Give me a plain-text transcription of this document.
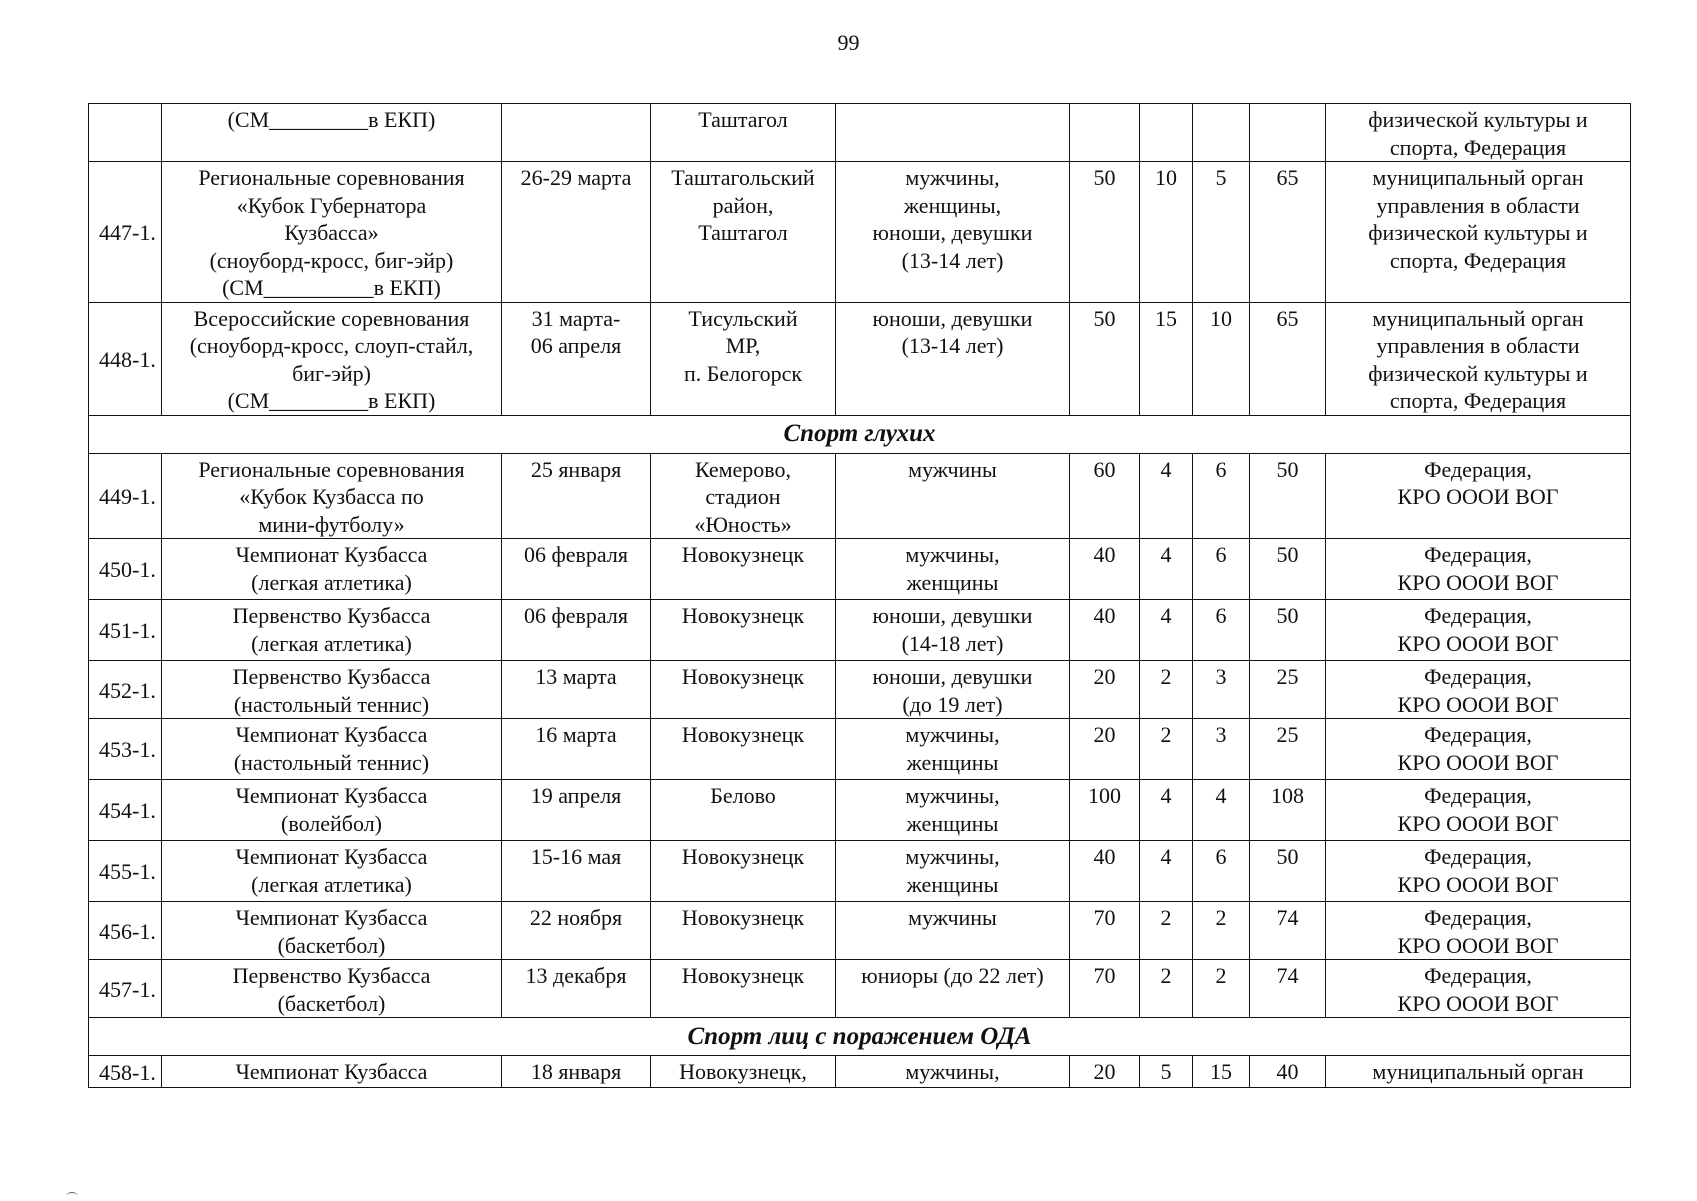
99
	(СМ_________в ЕКП)		Таштагол						физической культуры и
спорта, Федерация
447-1.	Региональные соревнования
«Кубок Губернатора
Кузбасса»
(сноуборд-кросс, биг-эйр)
(СМ__________в ЕКП)	26-29 марта	Таштагольский
район,
Таштагол	мужчины,
женщины,
юноши, девушки
(13-14 лет)	50	10	5	65	муниципальный орган
управления в области
физической культуры и
спорта, Федерация
448-1.	Всероссийские соревнования
(сноуборд-кросс, слоуп-стайл,
биг-эйр)
(СМ_________в ЕКП)	31 марта-
06 апреля	Тисульский
МР,
п. Белогорск	юноши, девушки
(13-14 лет)	50	15	10	65	муниципальный орган
управления в области
физической культуры и
спорта, Федерация
Спорт глухих									
449-1.	Региональные соревнования
«Кубок Кузбасса по
мини-футболу»	25 января	Кемерово,
стадион
«Юность»	мужчины	60	4	6	50	Федерация,
КРО ОООИ ВОГ
450-1.	Чемпионат Кузбасса
(легкая атлетика)	06 февраля	Новокузнецк	мужчины,
женщины	40	4	6	50	Федерация,
КРО ОООИ ВОГ
451-1.	Первенство Кузбасса
(легкая атлетика)	06 февраля	Новокузнецк	юноши, девушки
(14-18 лет)	40	4	6	50	Федерация,
КРО ОООИ ВОГ
452-1.	Первенство Кузбасса
(настольный теннис)	13 марта	Новокузнецк	юноши, девушки
(до 19 лет)	20	2	3	25	Федерация,
КРО ОООИ ВОГ
453-1.	Чемпионат Кузбасса
(настольный теннис)	16 марта	Новокузнецк	мужчины,
женщины	20	2	3	25	Федерация,
КРО ОООИ ВОГ
454-1.	Чемпионат Кузбасса
(волейбол)	19 апреля	Белово	мужчины,
женщины	100	4	4	108	Федерация,
КРО ОООИ ВОГ
455-1.	Чемпионат Кузбасса
(легкая атлетика)	15-16 мая	Новокузнецк	мужчины,
женщины	40	4	6	50	Федерация,
КРО ОООИ ВОГ
456-1.	Чемпионат Кузбасса
(баскетбол)	22 ноября	Новокузнецк	мужчины	70	2	2	74	Федерация,
КРО ОООИ ВОГ
457-1.	Первенство Кузбасса
(баскетбол)	13 декабря	Новокузнецк	юниоры (до 22 лет)	70	2	2	74	Федерация,
КРО ОООИ ВОГ
Спорт лиц с поражением ОДА									
458-1.	Чемпионат Кузбасса	18 января	Новокузнецк,	мужчины,	20	5	15	40	муниципальный орган
